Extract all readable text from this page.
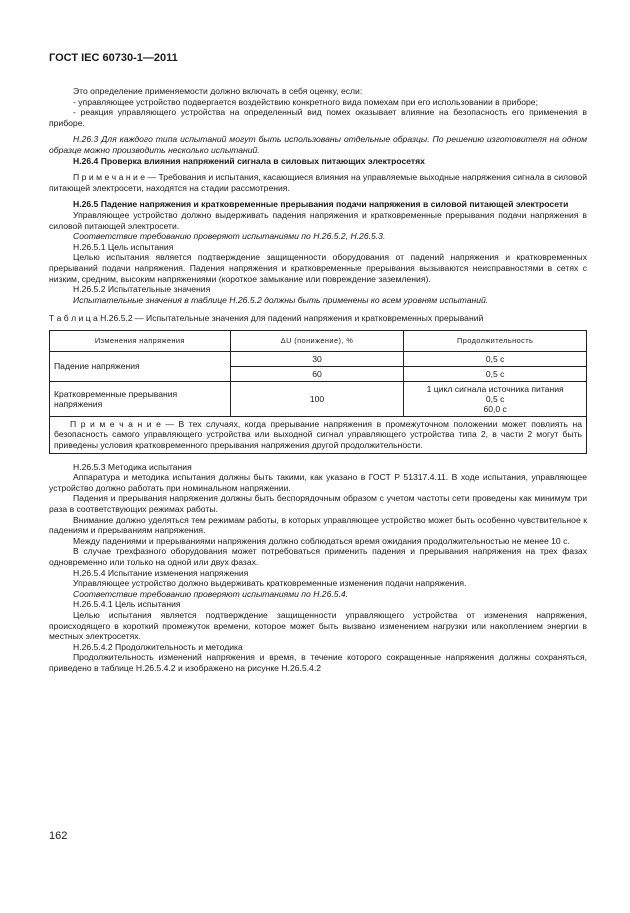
ГОСТ IEC 60730-1—2011

Это определение применяемости должно включать в себя оценку, если:

- управляющее устройство подвергается воздействию конкретного вида помехам при его использовании в приборе;

- реакция управляющего устройства на определенный вид помех оказывает влияние на безопасность его применения в приборе.

Н.26.3 Для каждого типа испытаний могут быть использованы отдельные образцы. По решению изготовителя на одном образце можно производить несколько испытаний.

Н.26.4 Проверка влияния напряжений сигнала в силовых питающих электросетях

П р и м е ч а н и е — Требования и испытания, касающиеся влияния на управляемые выходные напряжения сигнала в силовой питающей электросети, находятся на стадии рассмотрения.

Н.26.5 Падение напряжения и кратковременные прерывания подачи напряжения в силовой питающей электросети

Управляющее устройство должно выдерживать падения напряжения и кратковременные прерывания подачи напряжения в силовой питающей электросети.

Соответствие требованию проверяют испытаниями по Н.26.5.2, Н.26.5.3.

Н.26.5.1 Цель испытания

Целью испытания является подтверждение защищенности оборудования от падений напряжения и кратковременных прерываний подачи напряжения. Падения напряжения и кратковременные прерывания вызываются неисправностями в сетях с низким, средним, высоким напряжениями (короткое замыкание или повреждение заземления).

Н.26.5.2 Испытательные значения

Испытательные значения в таблице Н.26.5.2 должны быть применены ко всем уровням испытаний.

Т а б л и ц а Н.26.5.2 — Испытательные значения для падений напряжения и кратковременных прерываний

Изменения напряжения	ΔU (понижение), %	Продолжительность
Падение напряжения	30	0,5 с
	60	0,5 с
Кратковременные прерывания напряжения	100	1 цикл сигнала источника питания
0,5 с
60,0 с

П р и м е ч а н и е — В тех случаях, когда прерывание напряжения в промежуточном положении может повлиять на безопасность самого управляющего устройства или выходной сигнал управляющего устройства типа 2, в части 2 могут быть приведены условия кратковременного прерывания напряжения другой продолжительности.		

Н.26.5.3 Методика испытания

Аппаратура и методика испытания должны быть такими, как указано в ГОСТ Р 51317.4.11. В ходе испытания, управляющее устройство должно работать при номинальном напряжении.

Падения и прерывания напряжения должны быть беспорядочным образом с учетом частоты сети проведены как минимум три раза в соответствующих режимах работы.

Внимание должно уделяться тем режимам работы, в которых управляющее устройство может быть особенно чувствительное к падениям и прерываниям напряжения.

Между падениями и прерываниями напряжения должно соблюдаться время ожидания продолжительностью не менее 10 с.

В случае трехфазного оборудования может потребоваться применить падения и прерывания напряжения на трех фазах одновременно или только на одной или двух фазах.

Н.26.5.4 Испытание изменения напряжения

Управляющее устройство должно выдерживать кратковременные изменения подачи напряжения.

Соответствие требованию проверяют испытаниями по Н.26.5.4.

Н.26.5.4.1 Цель испытания

Целью испытания является подтверждение защищенности управляющего устройства от изменения напряжения, происходящего в короткий промежуток времени, которое может быть вызвано изменением нагрузки или накоплением энергии в местных электросетях.

Н.26.5.4.2 Продолжительность и методика

Продолжительность изменений напряжения и время, в течение которого сокращенные напряжения должны сохраняться, приведено в таблице Н.26.5.4.2 и изображено на рисунке Н.26.5.4.2

162
